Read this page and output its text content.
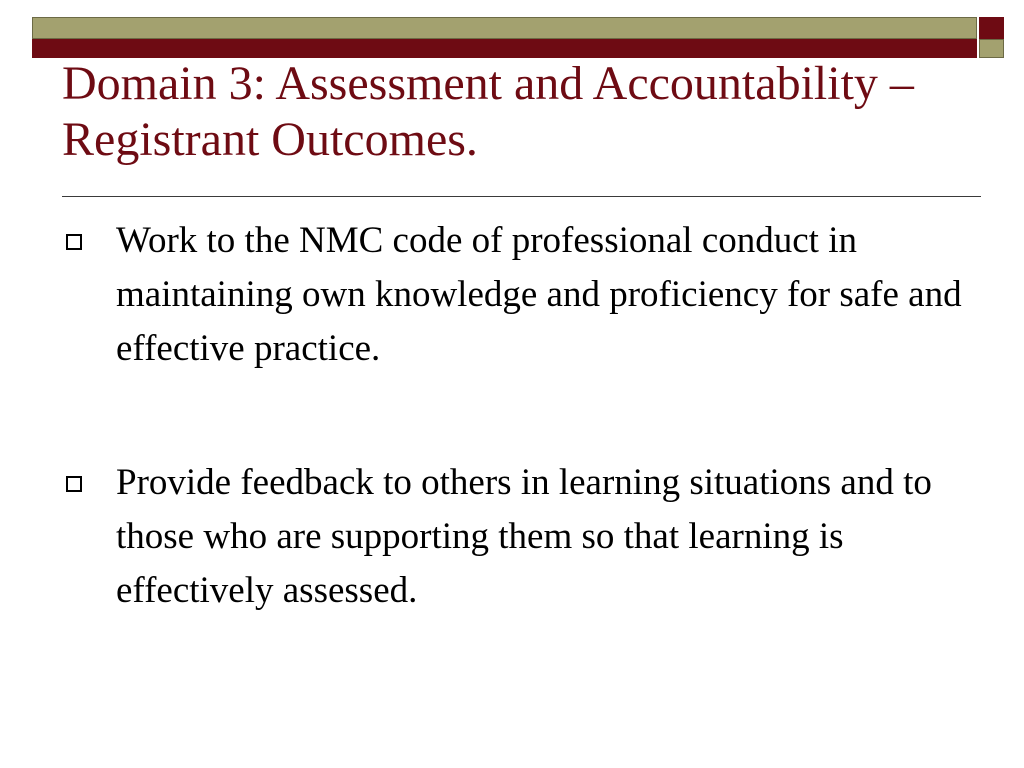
Domain 3: Assessment and Accountability – Registrant Outcomes.
Work to the NMC code of professional conduct in maintaining own knowledge and proficiency for safe and effective practice.
Provide feedback to others in learning situations and to those who are supporting them so that learning is effectively assessed.
